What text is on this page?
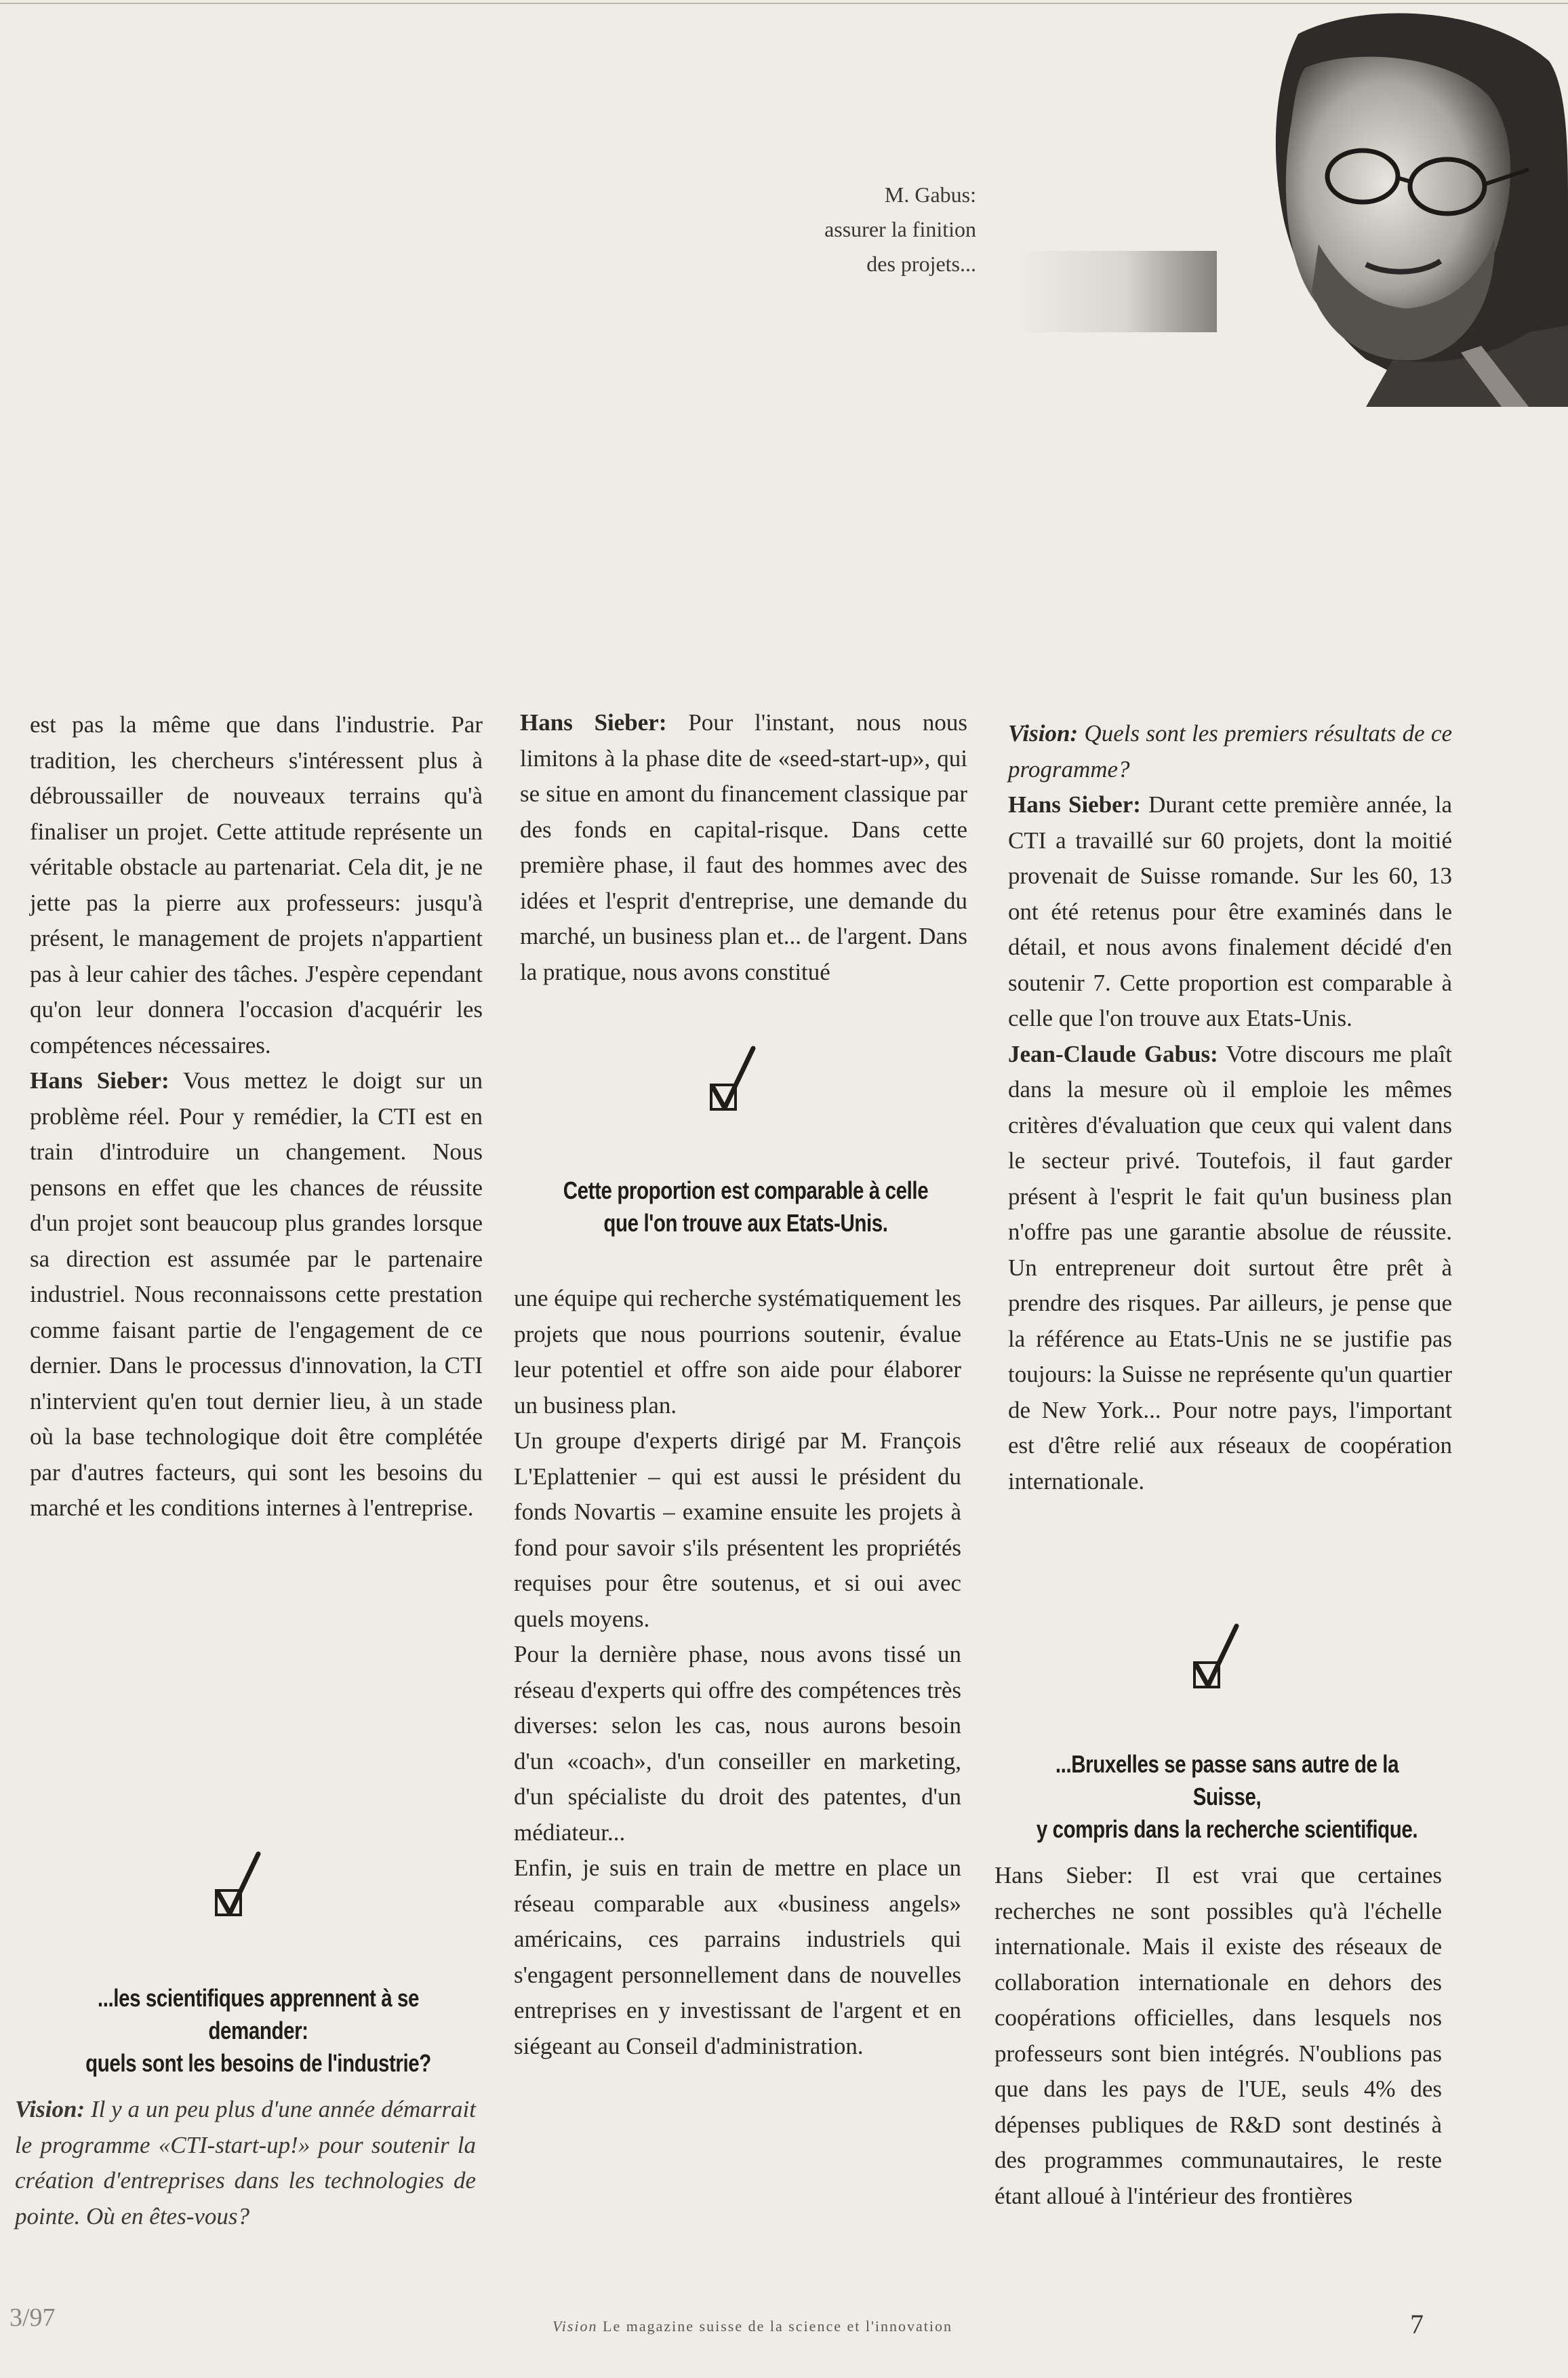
M. Gabus:
assurer la finition
des projets...

est pas la même que dans l'industrie. Par tradition, les chercheurs s'intéressent plus à débroussailler de nouveaux terrains qu'à finaliser un projet. Cette attitude représente un véritable obstacle au partenariat. Cela dit, je ne jette pas la pierre aux professeurs: jusqu'à présent, le management de projets n'appartient pas à leur cahier des tâches. J'espère cependant qu'on leur donnera l'occasion d'acquérir les compétences nécessaires.

Hans Sieber: Vous mettez le doigt sur un problème réel. Pour y remédier, la CTI est en train d'introduire un changement. Nous pensons en effet que les chances de réussite d'un projet sont beaucoup plus grandes lorsque sa direction est assumée par le partenaire industriel. Nous reconnaissons cette prestation comme faisant partie de l'engagement de ce dernier. Dans le processus d'innovation, la CTI n'intervient qu'en tout dernier lieu, à un stade où la base technologique doit être complétée par d'autres facteurs, qui sont les besoins du marché et les conditions internes à l'entreprise.

...les scientifiques apprennent à se demander:
quels sont les besoins de l'industrie?

Vision: Il y a un peu plus d'une année démarrait le programme «CTI-start-up!» pour soutenir la création d'entreprises dans les technologies de pointe. Où en êtes-vous?

Hans Sieber: Pour l'instant, nous nous limitons à la phase dite de «seed-start-up», qui se situe en amont du financement classique par des fonds en capital-risque. Dans cette première phase, il faut des hommes avec des idées et l'esprit d'entreprise, une demande du marché, un business plan et... de l'argent. Dans la pratique, nous avons constitué

Cette proportion est comparable à celle
que l'on trouve aux Etats-Unis.

une équipe qui recherche systématiquement les projets que nous pourrions soutenir, évalue leur potentiel et offre son aide pour élaborer un business plan.

Un groupe d'experts dirigé par M. François L'Eplattenier – qui est aussi le président du fonds Novartis – examine ensuite les projets à fond pour savoir s'ils présentent les propriétés requises pour être soutenus, et si oui avec quels moyens.

Pour la dernière phase, nous avons tissé un réseau d'experts qui offre des compétences très diverses: selon les cas, nous aurons besoin d'un «coach», d'un conseiller en marketing, d'un spécialiste du droit des patentes, d'un médiateur...

Enfin, je suis en train de mettre en place un réseau comparable aux «business angels» américains, ces parrains industriels qui s'engagent personnellement dans de nouvelles entreprises en y investissant de l'argent et en siégeant au Conseil d'administration.

Vision: Quels sont les premiers résultats de ce programme?

Hans Sieber: Durant cette première année, la CTI a travaillé sur 60 projets, dont la moitié provenait de Suisse romande. Sur les 60, 13 ont été retenus pour être examinés dans le détail, et nous avons finalement décidé d'en soutenir 7. Cette proportion est comparable à celle que l'on trouve aux Etats-Unis.

Jean-Claude Gabus: Votre discours me plaît dans la mesure où il emploie les mêmes critères d'évaluation que ceux qui valent dans le secteur privé. Toutefois, il faut garder présent à l'esprit le fait qu'un business plan n'offre pas une garantie absolue de réussite. Un entrepreneur doit surtout être prêt à prendre des risques. Par ailleurs, je pense que la référence au Etats-Unis ne se justifie pas toujours: la Suisse ne représente qu'un quartier de New York... Pour notre pays, l'important est d'être relié aux réseaux de coopération internationale.

...Bruxelles se passe sans autre de la Suisse,
y compris dans la recherche scientifique.

Hans Sieber: Il est vrai que certaines recherches ne sont possibles qu'à l'échelle internationale. Mais il existe des réseaux de collaboration internationale en dehors des coopérations officielles, dans lesquels nos professeurs sont bien intégrés. N'oublions pas que dans les pays de l'UE, seuls 4% des dépenses publiques de R&D sont destinés à des programmes communautaires, le reste étant alloué à l'intérieur des frontières

3/97	Vision Le magazine suisse de la science et l'innovation	7
